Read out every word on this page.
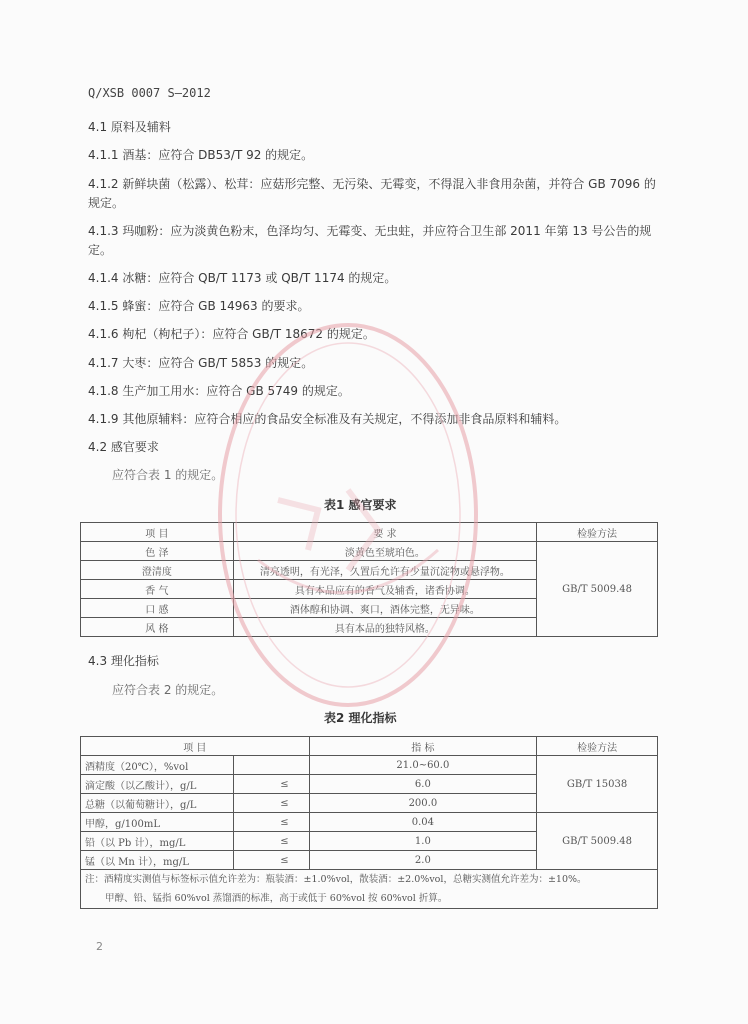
Q/XSB 0007 S—2012
4.1 原料及辅料
4.1.1 酒基：应符合 DB53/T 92 的规定。
4.1.2 新鲜块菌（松露）、松茸：应菇形完整、无污染、无霉变，不得混入非食用杂菌，并符合 GB 7096 的规定。
4.1.3 玛咖粉：应为淡黄色粉末，色泽均匀、无霉变、无虫蛀，并应符合卫生部 2011 年第 13 号公告的规定。
4.1.4 冰糖：应符合 QB/T 1173 或 QB/T 1174 的规定。
4.1.5 蜂蜜：应符合 GB 14963 的要求。
4.1.6 枸杞（枸杞子）：应符合 GB/T 18672 的规定。
4.1.7 大枣：应符合 GB/T 5853 的规定。
4.1.8 生产加工用水：应符合 GB 5749 的规定。
4.1.9 其他原辅料：应符合相应的食品安全标准及有关规定，不得添加非食品原料和辅料。
4.2 感官要求
应符合表 1 的规定。
表1 感官要求
项 目	要 求	检验方法
色 泽	淡黄色至琥珀色。	GB/T 5009.48
澄清度	清亮透明，有光泽，久置后允许有少量沉淀物或悬浮物。	
香 气	具有本品应有的香气及辅香，诸香协调。	
口 感	酒体醇和协调、爽口，酒体完整，无异味。	
风 格	具有本品的独特风格。	
4.3 理化指标
应符合表 2 的规定。
表2 理化指标
项 目		指 标	检验方法
酒精度（20℃），%vol		21.0~60.0	GB/T 15038
滴定酸（以乙酸计），g/L	≤	6.0	
总糖（以葡萄糖计），g/L	≤	200.0	
甲醇，g/100mL	≤	0.04	GB/T 5009.48
铅（以 Pb 计），mg/L	≤	1.0	
锰（以 Mn 计），mg/L	≤	2.0	

注：酒精度实测值与标签标示值允许差为：瓶装酒：±1.0%vol，散装酒：±2.0%vol，总糖实测值允许差为：±10%。
甲醇、铅、锰指 60%vol 蒸馏酒的标准，高于或低于 60%vol 按 60%vol 折算。			
2
